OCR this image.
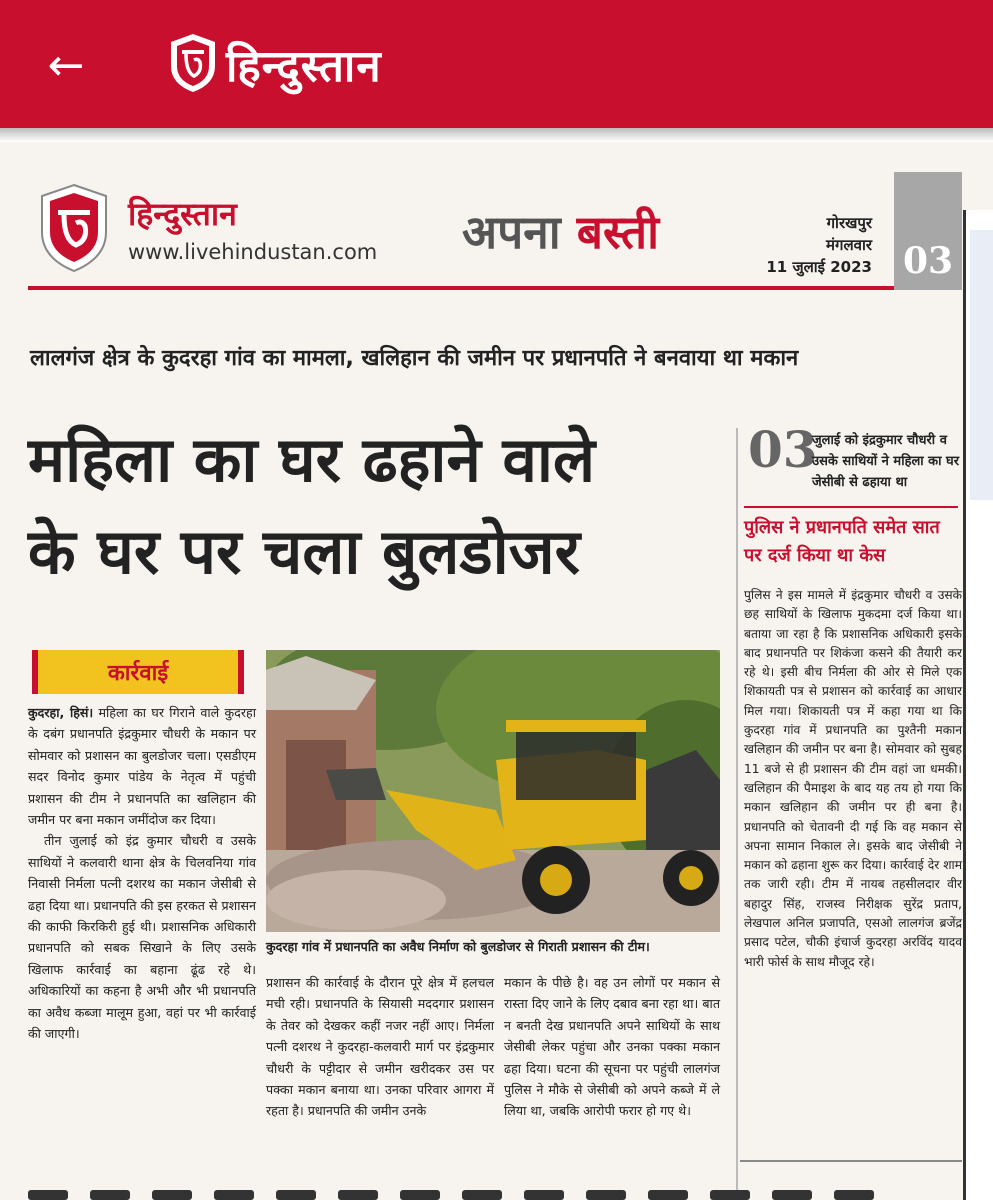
←	हिन्दुस्तान
हिन्दुस्तान
www.livehindustan.com अपना बस्ती	गोरखपुर
मंगलवार
11 जुलाई 2023 03
लालगंज क्षेत्र के कुदरहा गांव का मामला, खलिहान की जमीन पर प्रधानपति ने बनवाया था मकान
महिला का घर ढहाने वाले
के घर पर चला बुलडोजर
03
जुलाई को इंद्रकुमार चौधरी व उसके साथियों ने महिला का घर जेसीबी से ढहाया था
पुलिस ने प्रधानपति समेत सात पर दर्ज किया था केस
पुलिस ने इस मामले में इंद्रकुमार चौधरी व उसके छह साथियों के खिलाफ मुकदमा दर्ज किया था। बताया जा रहा है कि प्रशासनिक अधिकारी इसके बाद प्रधानपति पर शिकंजा कसने की तैयारी कर रहे थे। इसी बीच निर्मला की ओर से मिले एक शिकायती पत्र से प्रशासन को कार्रवाई का आधार मिल गया। शिकायती पत्र में कहा गया था कि कुदरहा गांव में प्रधानपति का पुश्तैनी मकान खलिहान की जमीन पर बना है। सोमवार को सुबह 11 बजे से ही प्रशासन की टीम वहां जा धमकी। खलिहान की पैमाइश के बाद यह तय हो गया कि मकान खलिहान की जमीन पर ही बना है। प्रधानपति को चेतावनी दी गई कि वह मकान से अपना सामान निकाल ले। इसके बाद जेसीबी ने मकान को ढहाना शुरू कर दिया। कार्रवाई देर शाम तक जारी रही। टीम में नायब तहसीलदार वीर बहादुर सिंह, राजस्व निरीक्षक सुरेंद्र प्रताप, लेखपाल अनिल प्रजापति, एसओ लालगंज ब्रजेंद्र प्रसाद पटेल, चौकी इंचार्ज कुदरहा अरविंद यादव भारी फोर्स के साथ मौजूद रहे।
कार्रवाई
कुदरहा गांव में प्रधानपति का अवैध निर्माण को बुलडोजर से गिराती प्रशासन की टीम।

कुदरहा, हिसं। महिला का घर गिराने वाले कुदरहा के दबंग प्रधानपति इंद्रकुमार चौधरी के मकान पर सोमवार को प्रशासन का बुलडोजर चला। एसडीएम सदर विनोद कुमार पांडेय के नेतृत्व में पहुंची प्रशासन की टीम ने प्रधानपति का खलिहान की जमीन पर बना मकान जमींदोज कर दिया।

तीन जुलाई को इंद्र कुमार चौधरी व उसके साथियों ने कलवारी थाना क्षेत्र के चिलवनिया गांव निवासी निर्मला पत्नी दशरथ का मकान जेसीबी से ढहा दिया था। प्रधानपति की इस हरकत से प्रशासन की काफी किरकिरी हुई थी। प्रशासनिक अधिकारी प्रधानपति को सबक सिखाने के लिए उसके खिलाफ कार्रवाई का बहाना ढूंढ रहे थे। अधिकारियों का कहना है अभी और भी प्रधानपति का अवैध कब्जा मालूम हुआ, वहां पर भी कार्रवाई की जाएगी।

प्रशासन की कार्रवाई के दौरान पूरे क्षेत्र में हलचल मची रही। प्रधानपति के सियासी मददगार प्रशासन के तेवर को देखकर कहीं नजर नहीं आए। निर्मला पत्नी दशरथ ने कुदरहा-कलवारी मार्ग पर इंद्रकुमार चौधरी के पट्टीदार से जमीन खरीदकर उस पर पक्का मकान बनाया था। उनका परिवार आगरा में रहता है। प्रधानपति की जमीन उनके
मकान के पीछे है। वह उन लोगों पर मकान से रास्ता दिए जाने के लिए दबाव बना रहा था। बात न बनती देख प्रधानपति अपने साथियों के साथ जेसीबी लेकर पहुंचा और उनका पक्का मकान ढहा दिया। घटना की सूचना पर पहुंची लालगंज पुलिस ने मौके से जेसीबी को अपने कब्जे में ले लिया था, जबकि आरोपी फरार हो गए थे।
